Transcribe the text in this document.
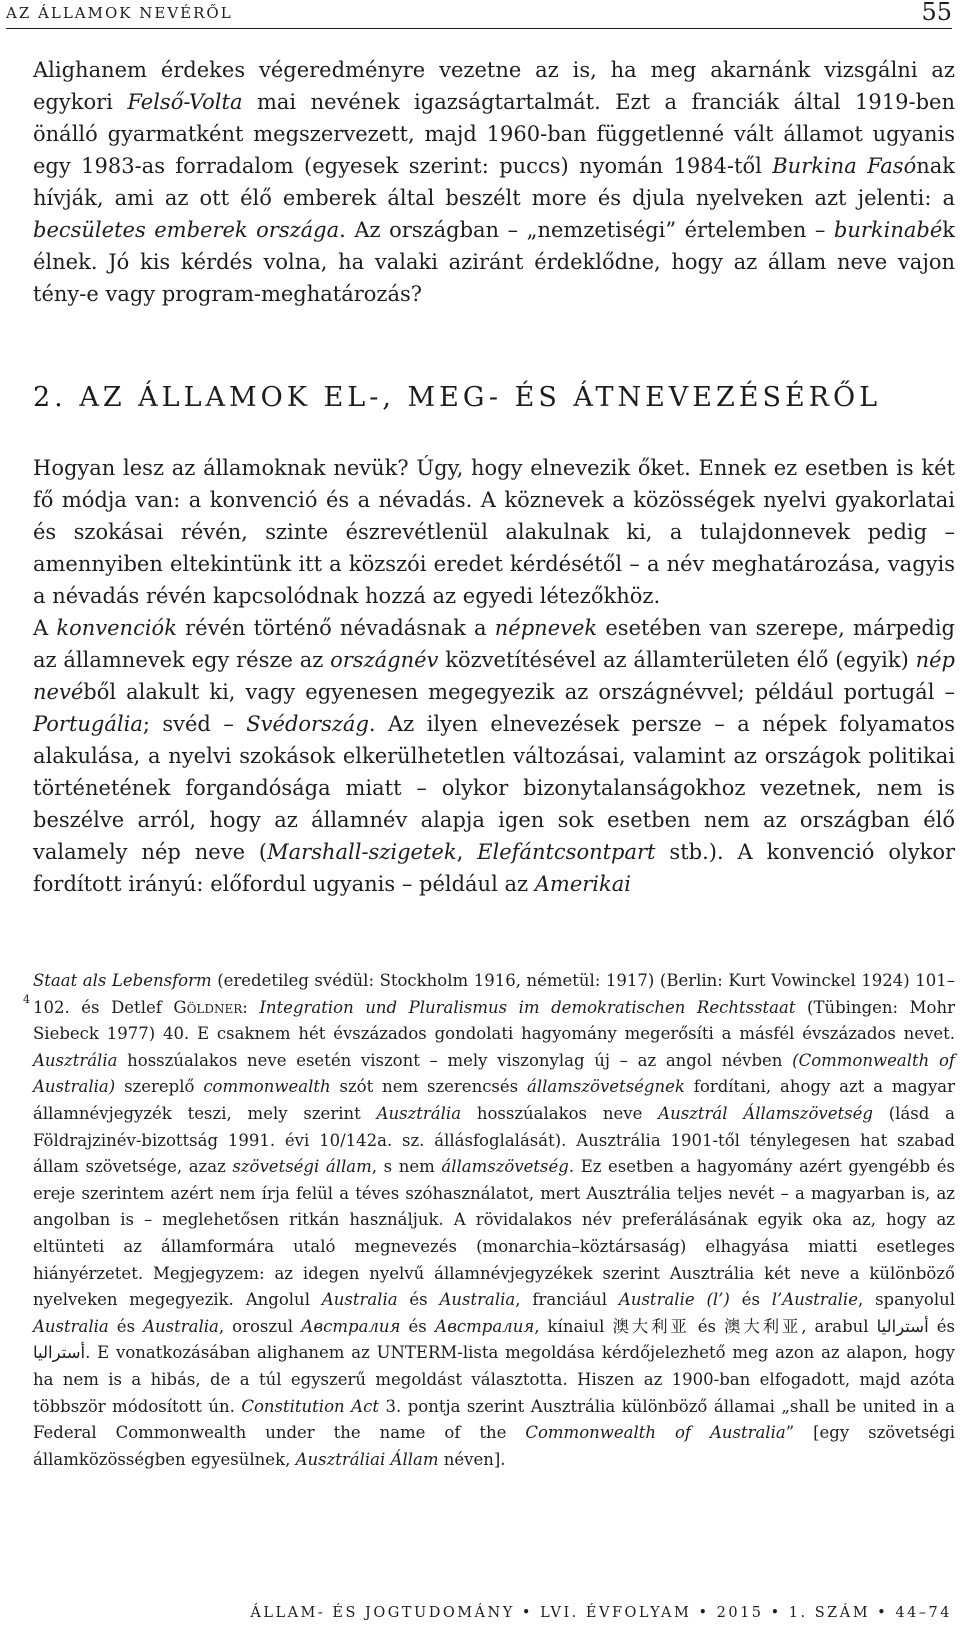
AZ ÁLLAMOK NEVÉRŐL	55

Alighanem érdekes végeredményre vezetne az is, ha meg akarnánk vizsgálni az egykori Felső-Volta mai nevének igazságtartalmát. Ezt a franciák által 1919-ben önálló gyarmatként megszervezett, majd 1960-ban függetlenné vált államot ugyanis egy 1983-as forradalom (egyesek szerint: puccs) nyomán 1984-től Burkina Fasónak hívják, ami az ott élő emberek által beszélt more és djula nyelveken azt jelenti: a becsületes emberek országa. Az országban – „nemzetiségi” értelemben – burkinabék élnek. Jó kis kérdés volna, ha valaki aziránt érdeklődne, hogy az állam neve vajon tény-e vagy program-meghatározás?

2. AZ ÁLLAMOK EL-, MEG- ÉS ÁTNEVEZÉSÉRŐL

Hogyan lesz az államoknak nevük? Úgy, hogy elnevezik őket. Ennek ez esetben is két fő módja van: a konvenció és a névadás. A köznevek a közösségek nyelvi gyakorlatai és szokásai révén, szinte észrevétlenül alakulnak ki, a tulajdonnevek pedig – amennyiben eltekintünk itt a közszói eredet kérdésétől – a név meghatározása, vagyis a névadás révén kapcsolódnak hozzá az egyedi létezőkhöz.

A konvenciók révén történő névadásnak a népnevek esetében van szerepe, márpedig az államnevek egy része az országnév közvetítésével az államterületen élő (egyik) nép nevéből alakult ki, vagy egyenesen megegyezik az országnévvel; például portugál – Portugália; svéd – Svédország. Az ilyen elnevezések persze – a népek folyamatos alakulása, a nyelvi szokások elkerülhetetlen változásai, valamint az országok politikai történetének forgandósága miatt – olykor bizonytalanságokhoz vezetnek, nem is beszélve arról, hogy az államnév alapja igen sok esetben nem az országban élő valamely nép neve (Marshall-szigetek, Elefántcsontpart stb.). A konvenció olykor fordított irányú: előfordul ugyanis – például az Amerikai

Staat als Lebensform (eredetileg svédül: Stockholm 1916, németül: 1917) (Berlin: Kurt Vowinckel 1924) 101–102. és Detlef Göldner: Integration und Pluralismus im demokratischen Rechtsstaat (Tübingen: Mohr Siebeck 1977) 40. E csaknem hét évszázados gondolati hagyomány megerősíti a másfél évszázados nevet. Ausztrália hosszúalakos neve esetén viszont – mely viszonylag új – az angol névben (Commonwealth of Australia) szereplő commonwealth szót nem szerencsés államszövetségnek fordítani, ahogy azt a magyar államnévjegyzék teszi, mely szerint Ausztrália hosszúalakos neve Ausztrál Államszövetség (lásd a Földrajzinév-bizottság 1991. évi 10/142a. sz. állásfoglalását). Ausztrália 1901-től ténylegesen hat szabad állam szövetsége, azaz szövetségi állam, s nem államszövetség. Ez esetben a hagyomány azért gyengébb és ereje szerintem azért nem írja felül a téves szóhasználatot, mert Ausztrália teljes nevét – a magyarban is, az angolban is – meglehetősen ritkán használjuk. A rövidalakos név preferálásának egyik oka az, hogy az eltünteti az államformára utaló megnevezés (monarchia–köztársaság) elhagyása miatti esetleges hiányérzetet. Megjegyzem: az idegen nyelvű államnévjegyzékek szerint Ausztrália két neve a különböző nyelveken megegyezik. Angolul Australia és Australia, franciául Australie (l’) és l’Australie, spanyolul Australia és Australia, oroszul Австралия és Австралия, kínaiul 澳大利亚 és 澳大利亚, arabul أستراليا és أستراليا. E vonatkozásában alighanem az UNTERM-lista megoldása kérdőjelezhető meg azon az alapon, hogy ha nem is a hibás, de a túl egyszerű megoldást választotta. Hiszen az 1900-ban elfogadott, majd azóta többször módosított ún. Constitution Act 3. pontja szerint Ausztrália különböző államai „shall be united in a Federal Commonwealth under the name of the Commonwealth of Australia” [egy szövetségi államközösségben egyesülnek, Ausztráliai Állam néven].

4
ÁLLAM- ÉS JOGTUDOMÁNY • LVI. ÉVFOLYAM • 2015 • 1. SZÁM • 44–74
